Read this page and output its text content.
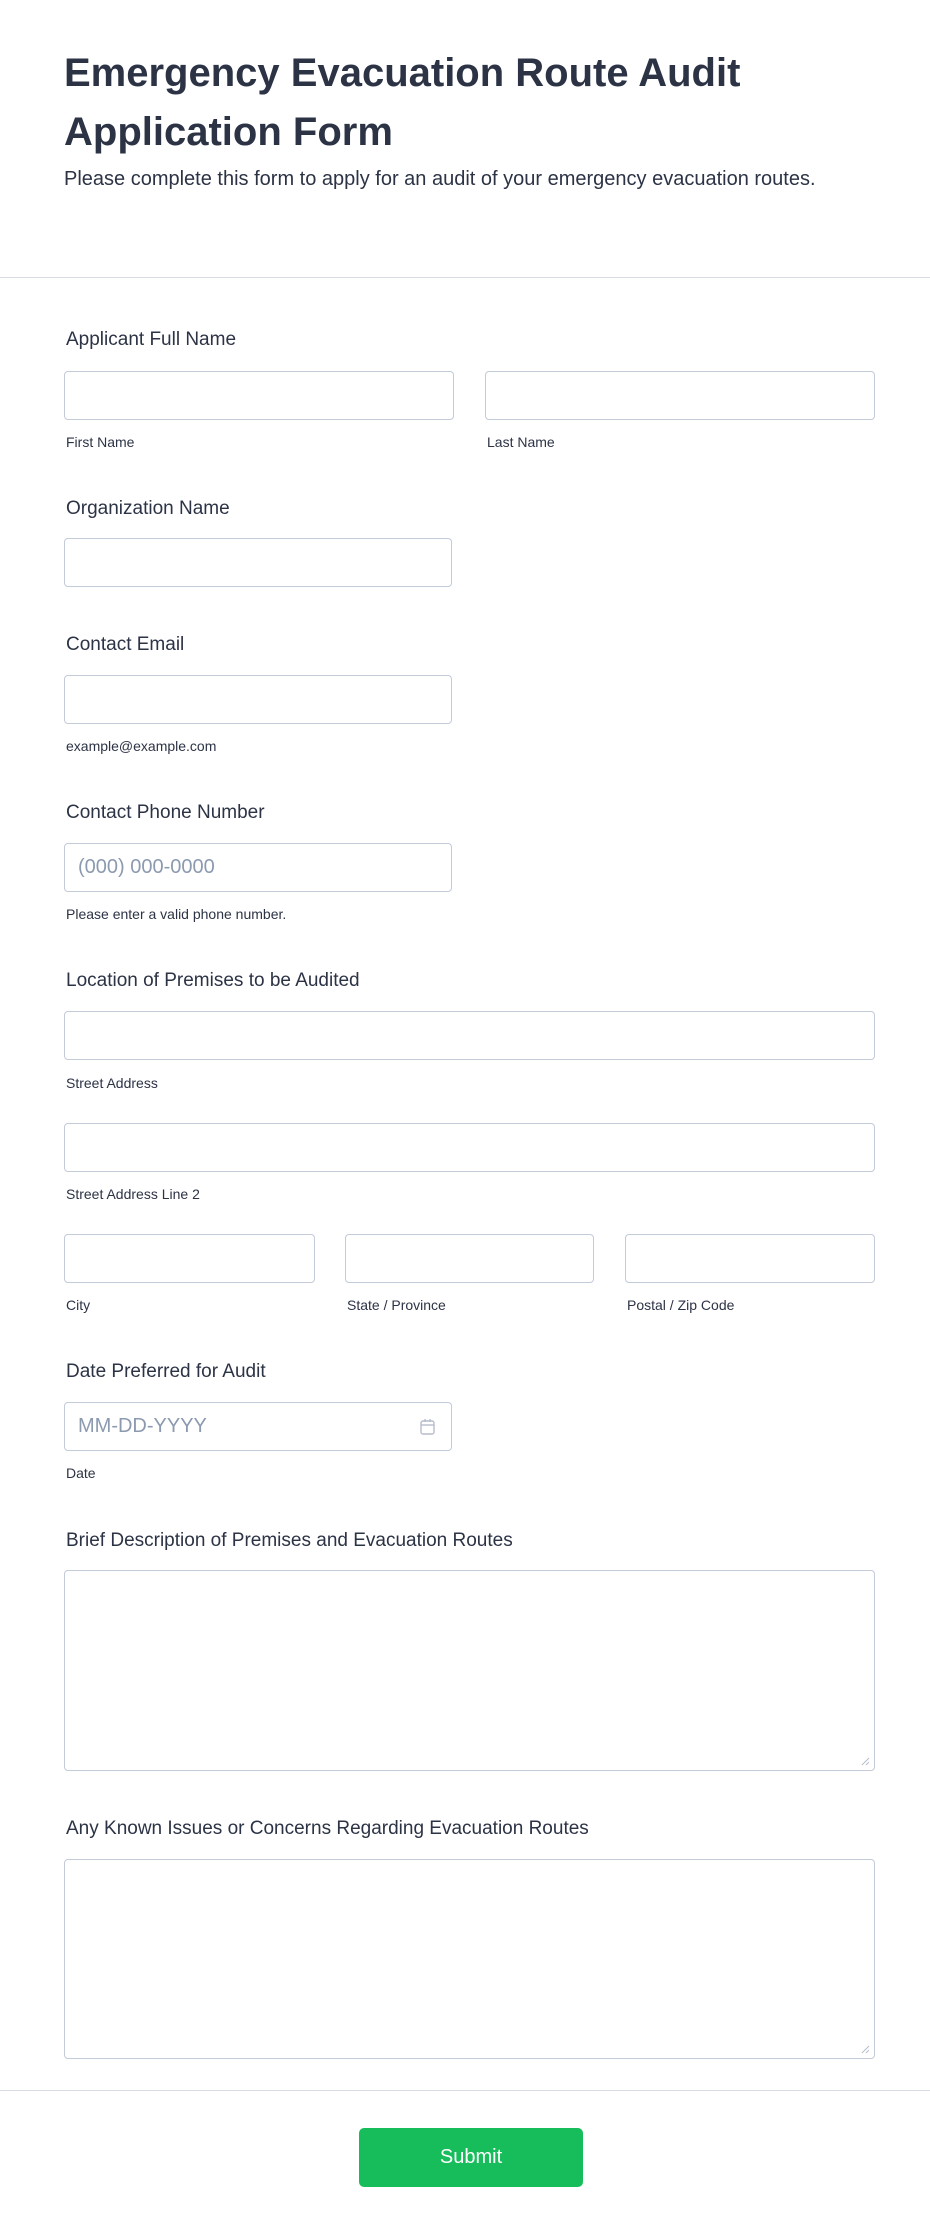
Emergency Evacuation Route Audit Application Form
Please complete this form to apply for an audit of your emergency evacuation routes.
Applicant Full Name
First Name	Last Name
Organization Name
Contact Email
example@example.com
Contact Phone Number
(000) 000-0000
Please enter a valid phone number.
Location of Premises to be Audited
Street Address
Street Address Line 2
City	State / Province	Postal / Zip Code
Date Preferred for Audit
MM-DD-YYYY
Date
Brief Description of Premises and Evacuation Routes
Any Known Issues or Concerns Regarding Evacuation Routes
Submit
